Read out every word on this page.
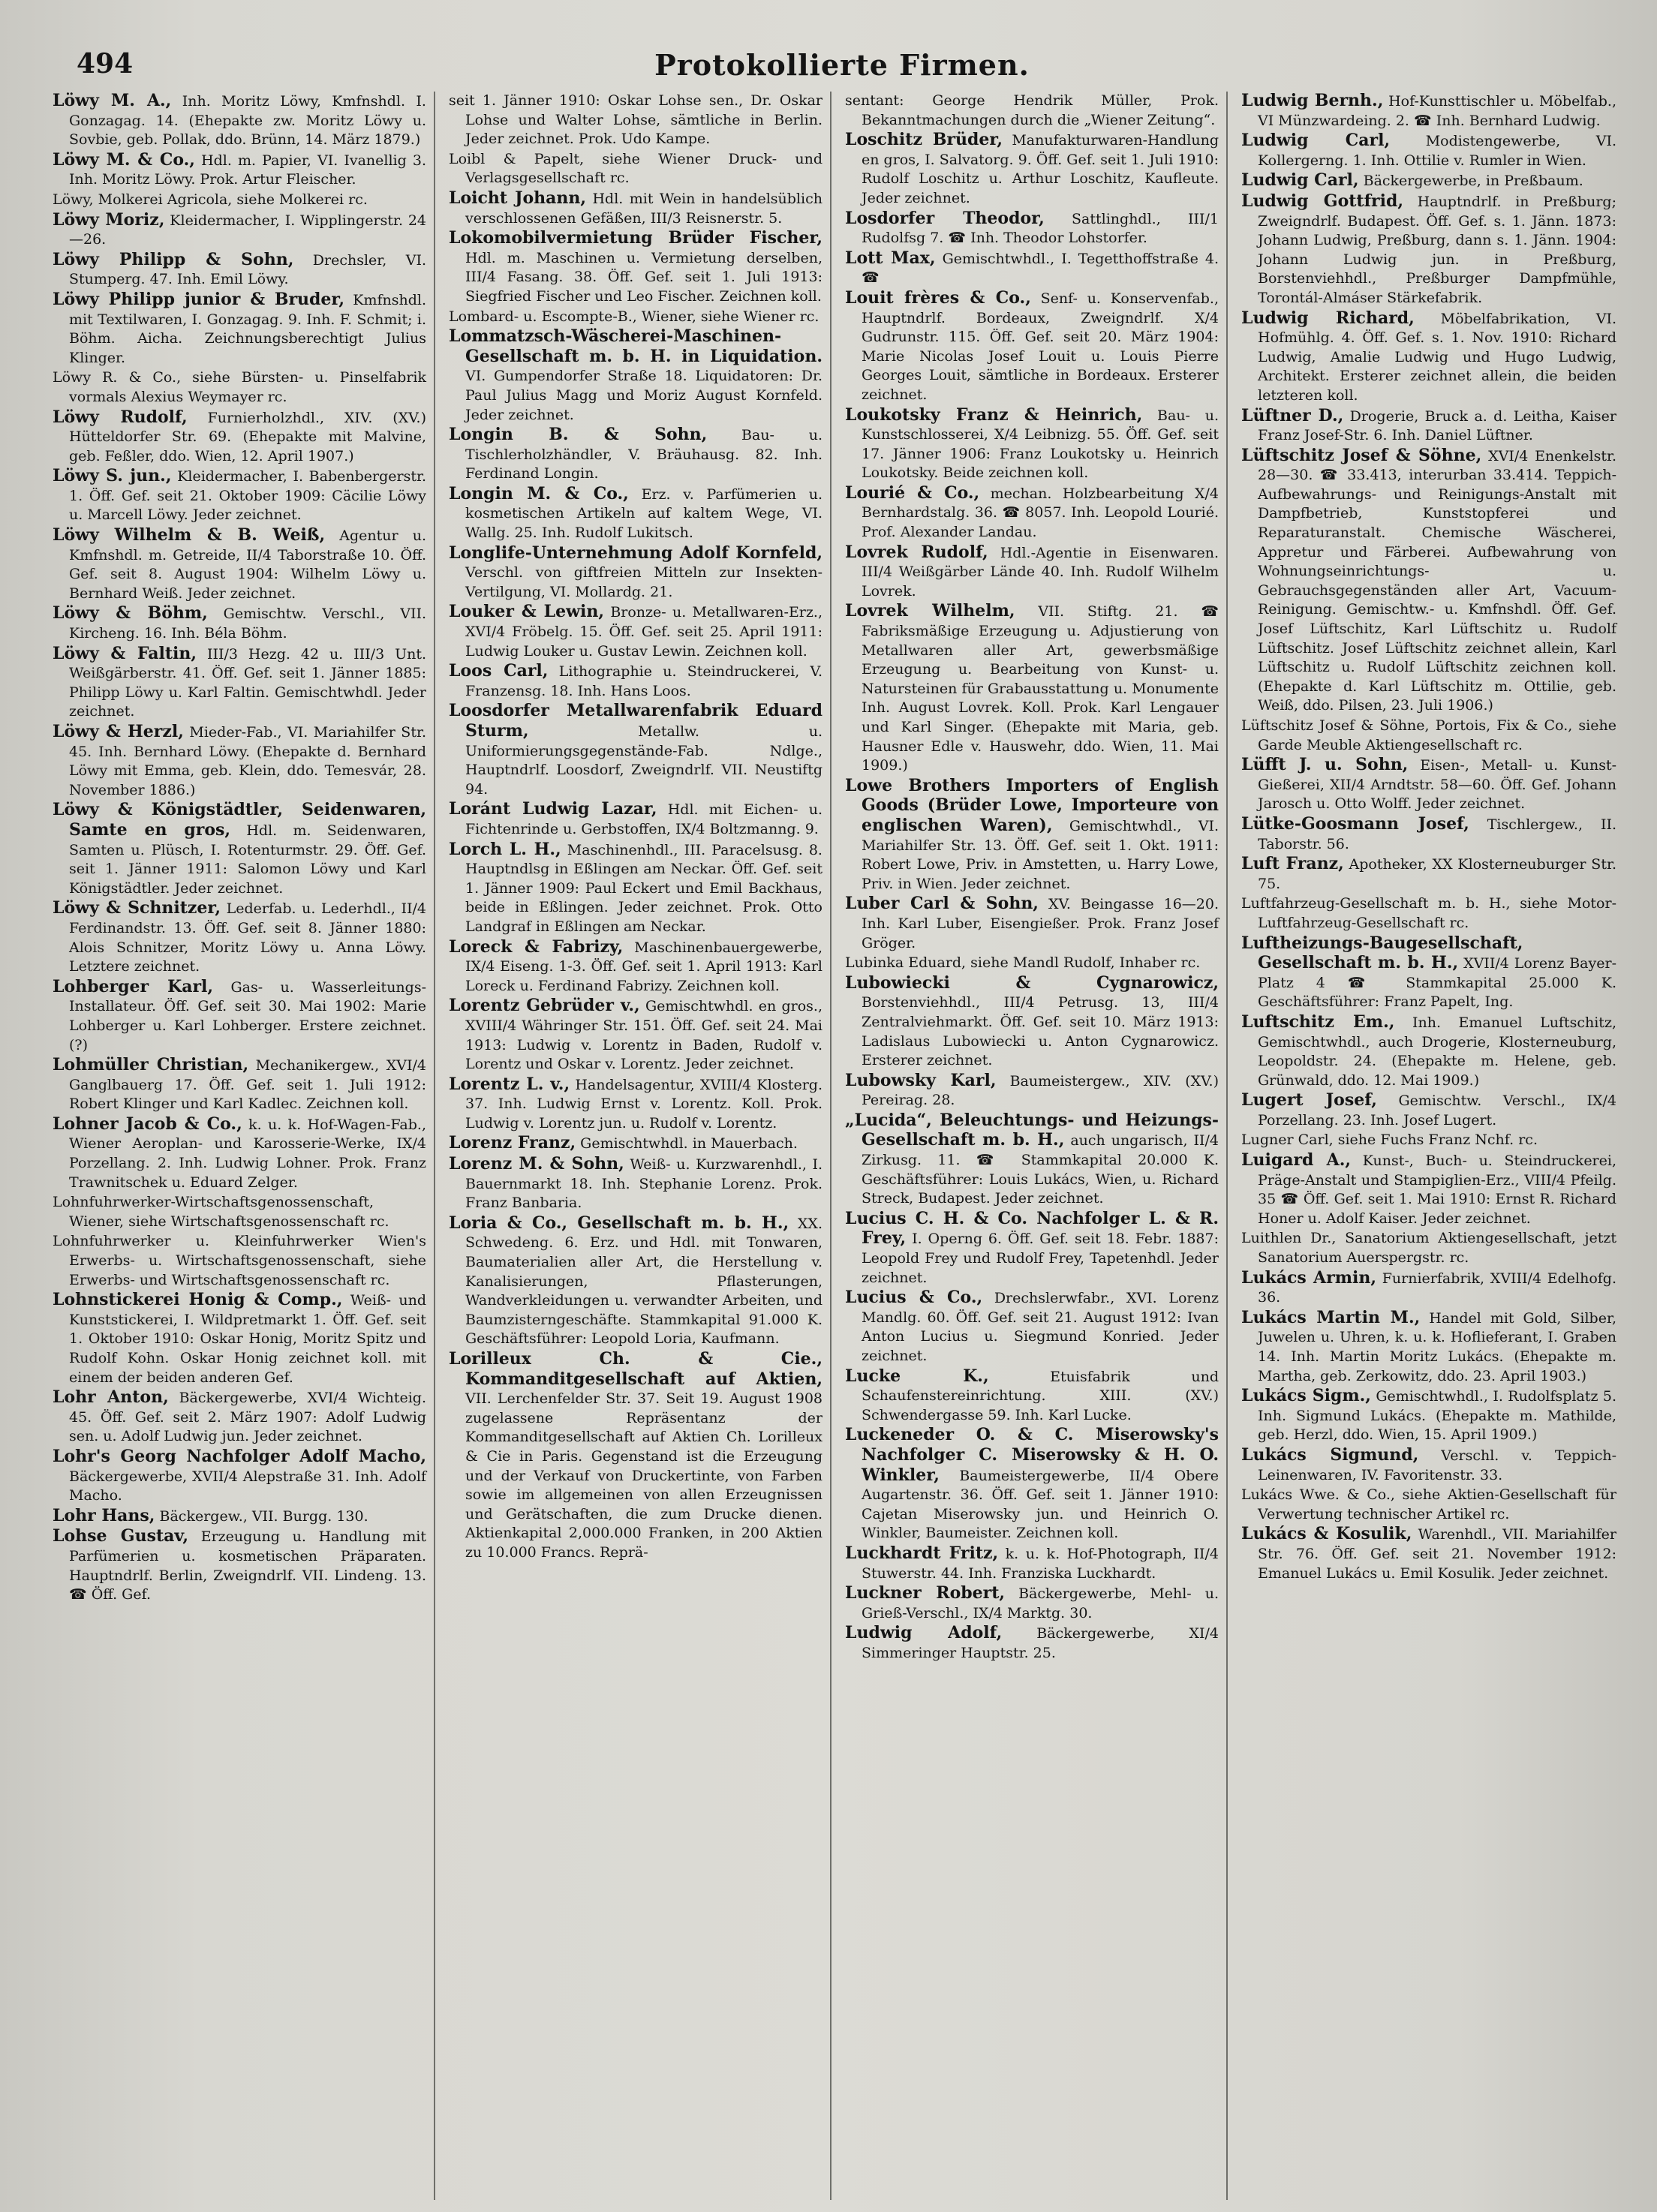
494	Protokollierte Firmen.

Löwy M. A., Inh. Moritz Löwy, Kmfnshdl. I. Gonzagag. 14. (Ehepakte zw. Moritz Löwy u. Sovbie, geb. Pollak, ddo. Brünn, 14. März 1879.)

Löwy M. & Co., Hdl. m. Papier, VI. Ivanellig 3. Inh. Moritz Löwy. Prok. Artur Fleischer.

Löwy, Molkerei Agricola, siehe Molkerei rc.

Löwy Moriz, Kleidermacher, I. Wipplingerstr. 24—26.

Löwy Philipp & Sohn, Drechsler, VI. Stumperg. 47. Inh. Emil Löwy.

Löwy Philipp junior & Bruder, Kmfnshdl. mit Textilwaren, I. Gonzagag. 9. Inh. F. Schmit; i. Böhm. Aicha. Zeichnungsberechtigt Julius Klinger.

Löwy R. & Co., siehe Bürsten- u. Pinselfabrik vormals Alexius Weymayer rc.

Löwy Rudolf, Furnierholzhdl., XIV. (XV.) Hütteldorfer Str. 69. (Ehepakte mit Malvine, geb. Feßler, ddo. Wien, 12. April 1907.)

Löwy S. jun., Kleidermacher, I. Babenbergerstr. 1. Öff. Gef. seit 21. Oktober 1909: Cäcilie Löwy u. Marcell Löwy. Jeder zeichnet.

Löwy Wilhelm & B. Weiß, Agentur u. Kmfnshdl. m. Getreide, II/4 Taborstraße 10. Öff. Gef. seit 8. August 1904: Wilhelm Löwy u. Bernhard Weiß. Jeder zeichnet.

Löwy & Böhm, Gemischtw. Verschl., VII. Kircheng. 16. Inh. Béla Böhm.

Löwy & Faltin, III/3 Hezg. 42 u. III/3 Unt. Weißgärberstr. 41. Öff. Gef. seit 1. Jänner 1885: Philipp Löwy u. Karl Faltin. Gemischtwhdl. Jeder zeichnet.

Löwy & Herzl, Mieder-Fab., VI. Mariahilfer Str. 45. Inh. Bernhard Löwy. (Ehepakte d. Bernhard Löwy mit Emma, geb. Klein, ddo. Temesvár, 28. November 1886.)

Löwy & Königstädtler, Seidenwaren, Samte en gros, Hdl. m. Seidenwaren, Samten u. Plüsch, I. Rotenturmstr. 29. Öff. Gef. seit 1. Jänner 1911: Salomon Löwy und Karl Königstädtler. Jeder zeichnet.

Löwy & Schnitzer, Lederfab. u. Lederhdl., II/4 Ferdinandstr. 13. Öff. Gef. seit 8. Jänner 1880: Alois Schnitzer, Moritz Löwy u. Anna Löwy. Letztere zeichnet.

Lohberger Karl, Gas- u. Wasserleitungs-Installateur. Öff. Gef. seit 30. Mai 1902: Marie Lohberger u. Karl Lohberger. Erstere zeichnet. (?)

Lohmüller Christian, Mechanikergew., XVI/4 Ganglbauerg 17. Öff. Gef. seit 1. Juli 1912: Robert Klinger und Karl Kadlec. Zeichnen koll.

Lohner Jacob & Co., k. u. k. Hof-Wagen-Fab., Wiener Aeroplan- und Karosserie-Werke, IX/4 Porzellang. 2. Inh. Ludwig Lohner. Prok. Franz Trawnitschek u. Eduard Zelger.

Lohnfuhrwerker-Wirtschaftsgenossenschaft, Wiener, siehe Wirtschaftsgenossenschaft rc.

Lohnfuhrwerker u. Kleinfuhrwerker Wien's Erwerbs- u. Wirtschaftsgenossenschaft, siehe Erwerbs- und Wirtschaftsgenossenschaft rc.

Lohnstickerei Honig & Comp., Weiß- und Kunststickerei, I. Wildpretmarkt 1. Öff. Gef. seit 1. Oktober 1910: Oskar Honig, Moritz Spitz und Rudolf Kohn. Oskar Honig zeichnet koll. mit einem der beiden anderen Gef.

Lohr Anton, Bäckergewerbe, XVI/4 Wichteig. 45. Öff. Gef. seit 2. März 1907: Adolf Ludwig sen. u. Adolf Ludwig jun. Jeder zeichnet.

Lohr's Georg Nachfolger Adolf Macho, Bäckergewerbe, XVII/4 Alepstraße 31. Inh. Adolf Macho.

Lohr Hans, Bäckergew., VII. Burgg. 130.

Lohse Gustav, Erzeugung u. Handlung mit Parfümerien u. kosmetischen Präparaten. Hauptndrlf. Berlin, Zweigndrlf. VII. Lindeng. 13. ☎ Öff. Gef.

seit 1. Jänner 1910: Oskar Lohse sen., Dr. Oskar Lohse und Walter Lohse, sämtliche in Berlin. Jeder zeichnet. Prok. Udo Kampe.

Loibl & Papelt, siehe Wiener Druck- und Verlagsgesellschaft rc.

Loicht Johann, Hdl. mit Wein in handelsüblich verschlossenen Gefäßen, III/3 Reisnerstr. 5.

Lokomobilvermietung Brüder Fischer, Hdl. m. Maschinen u. Vermietung derselben, III/4 Fasang. 38. Öff. Gef. seit 1. Juli 1913: Siegfried Fischer und Leo Fischer. Zeichnen koll.

Lombard- u. Escompte-B., Wiener, siehe Wiener rc.

Lommatzsch-Wäscherei-Maschinen-Gesellschaft m. b. H. in Liquidation. VI. Gumpendorfer Straße 18. Liquidatoren: Dr. Paul Julius Magg und Moriz August Kornfeld. Jeder zeichnet.

Longin B. & Sohn, Bau- u. Tischlerholzhändler, V. Bräuhausg. 82. Inh. Ferdinand Longin.

Longin M. & Co., Erz. v. Parfümerien u. kosmetischen Artikeln auf kaltem Wege, VI. Wallg. 25. Inh. Rudolf Lukitsch.

Longlife-Unternehmung Adolf Kornfeld, Verschl. von giftfreien Mitteln zur Insekten-Vertilgung, VI. Mollardg. 21.

Louker & Lewin, Bronze- u. Metallwaren-Erz., XVI/4 Fröbelg. 15. Öff. Gef. seit 25. April 1911: Ludwig Louker u. Gustav Lewin. Zeichnen koll.

Loos Carl, Lithographie u. Steindruckerei, V. Franzensg. 18. Inh. Hans Loos.

Loosdorfer Metallwarenfabrik Eduard Sturm,	Metallw. u. Uniformierungsgegenstände-Fab. Ndlge., Hauptndrlf. Loosdorf, Zweigndrlf. VII. Neustiftg 94.

Loránt Ludwig Lazar, Hdl. mit Eichen- u. Fichtenrinde u. Gerbstoffen, IX/4 Boltzmanng. 9.

Lorch L. H., Maschinenhdl., III. Paracelsusg. 8. Hauptndlsg in Eßlingen am Neckar. Öff. Gef. seit 1. Jänner 1909: Paul Eckert und Emil Backhaus, beide in Eßlingen. Jeder zeichnet. Prok. Otto Landgraf in Eßlingen am Neckar.

Loreck & Fabrizy, Maschinenbauergewerbe, IX/4 Eiseng. 1-3. Öff. Gef. seit 1. April 1913: Karl Loreck u. Ferdinand Fabrizy. Zeichnen koll.

Lorentz Gebrüder v., Gemischtwhdl. en gros., XVIII/4 Währinger Str. 151. Öff. Gef. seit 24. Mai 1913: Ludwig v. Lorentz in Baden, Rudolf v. Lorentz und Oskar v. Lorentz. Jeder zeichnet.

Lorentz L. v., Handelsagentur, XVIII/4 Klosterg. 37. Inh. Ludwig Ernst v. Lorentz. Koll. Prok. Ludwig v. Lorentz jun. u. Rudolf v. Lorentz.

Lorenz Franz, Gemischtwhdl. in Mauerbach.

Lorenz M. & Sohn, Weiß- u. Kurzwarenhdl., I. Bauernmarkt 18. Inh. Stephanie Lorenz. Prok. Franz Banbaria.

Loria & Co., Gesellschaft m. b. H., XX. Schwedeng. 6. Erz. und Hdl. mit Tonwaren, Baumaterialien aller Art, die Herstellung v. Kanalisierungen, Pflasterungen, Wandverkleidungen u. verwandter Arbeiten, und Baumzisterngeschäfte. Stammkapital 91.000 K. Geschäftsführer: Leopold Loria, Kaufmann.

Lorilleux Ch. & Cie., Kommanditgesellschaft auf Aktien, VII. Lerchenfelder Str. 37. Seit 19. August 1908 zugelassene Repräsentanz der Kommanditgesellschaft auf Aktien Ch. Lorilleux & Cie in Paris. Gegenstand ist die Erzeugung und der Verkauf von Druckertinte, von Farben sowie im allgemeinen von allen Erzeugnissen und Gerätschaften, die zum Drucke dienen. Aktienkapital 2,000.000 Franken, in 200 Aktien zu 10.000 Francs. Reprä-

sentant: George Hendrik Müller, Prok. Bekanntmachungen durch die „Wiener Zeitung“.

Loschitz Brüder, Manufakturwaren-Handlung en gros, I. Salvatorg. 9. Öff. Gef. seit 1. Juli 1910: Rudolf Loschitz u. Arthur Loschitz, Kaufleute. Jeder zeichnet.

Losdorfer Theodor, Sattlinghdl., III/1 Rudolfsg 7. ☎ Inh. Theodor Lohstorfer.

Lott Max, Gemischtwhdl., I. Tegetthoffstraße 4. ☎

Louit frères & Co., Senf- u. Konservenfab., Hauptndrlf. Bordeaux, Zweigndrlf. X/4 Gudrunstr. 115. Öff. Gef. seit 20. März 1904: Marie Nicolas Josef Louit u. Louis Pierre Georges Louit, sämtliche in Bordeaux. Ersterer zeichnet.

Loukotsky Franz & Heinrich, Bau- u. Kunstschlosserei, X/4 Leibnizg. 55. Öff. Gef. seit 17. Jänner 1906: Franz Loukotsky u. Heinrich Loukotsky. Beide zeichnen koll.

Lourié & Co., mechan. Holzbearbeitung X/4 Bernhardstalg. 36. ☎ 8057. Inh. Leopold Lourié. Prof. Alexander Landau.

Lovrek Rudolf, Hdl.-Agentie in Eisenwaren. III/4 Weißgärber Lände 40. Inh. Rudolf Wilhelm Lovrek.

Lovrek Wilhelm, VII. Stiftg. 21. ☎ Fabriksmäßige Erzeugung u. Adjustierung von Metallwaren aller Art, gewerbsmäßige Erzeugung u. Bearbeitung von Kunst- u. Natursteinen für Grabausstattung u. Monumente Inh. August Lovrek. Koll. Prok. Karl Lengauer und Karl Singer. (Ehepakte mit Maria, geb. Hausner Edle v. Hauswehr, ddo. Wien, 11. Mai 1909.)

Lowe Brothers Importers of English Goods (Brüder Lowe, Importeure von englischen Waren), Gemischtwhdl., VI. Mariahilfer Str. 13. Öff. Gef. seit 1. Okt. 1911: Robert Lowe, Priv. in Amstetten, u. Harry Lowe, Priv. in Wien. Jeder zeichnet.

Luber Carl & Sohn, XV. Beingasse 16—20. Inh. Karl Luber, Eisengießer. Prok. Franz Josef Gröger.

Lubinka Eduard, siehe Mandl Rudolf, Inhaber rc.

Lubowiecki & Cygnarowicz, Borstenviehhdl., III/4 Petrusg. 13, III/4 Zentralviehmarkt. Öff. Gef. seit 10. März 1913: Ladislaus Lubowiecki u. Anton Cygnarowicz. Ersterer zeichnet.

Lubowsky Karl, Baumeistergew., XIV. (XV.) Pereirag. 28.

„Lucida“, Beleuchtungs- und Heizungs-Gesellschaft m. b. H., auch ungarisch, II/4 Zirkusg. 11. ☎ Stammkapital 20.000 K. Geschäftsführer: Louis Lukács, Wien, u. Richard Streck, Budapest. Jeder zeichnet.

Lucius C. H. & Co. Nachfolger L. & R. Frey, I. Operng 6. Öff. Gef. seit 18. Febr. 1887: Leopold Frey und Rudolf Frey, Tapetenhdl. Jeder zeichnet.

Lucius & Co., Drechslerwfabr., XVI. Lorenz Mandlg. 60. Öff. Gef. seit 21. August 1912: Ivan Anton Lucius u. Siegmund Konried. Jeder zeichnet.

Lucke K.,	Etuisfabrik und Schaufenstereinrichtung. XIII. (XV.) Schwendergasse 59. Inh. Karl Lucke.

Luckeneder O. & C. Miserowsky's Nachfolger C. Miserowsky & H. O. Winkler, Baumeistergewerbe, II/4 Obere Augartenstr. 36. Öff. Gef. seit 1. Jänner 1910: Cajetan Miserowsky jun. und Heinrich O. Winkler, Baumeister. Zeichnen koll.

Luckhardt Fritz, k. u. k. Hof-Photograph, II/4 Stuwerstr. 44. Inh. Franziska Luckhardt.

Luckner Robert, Bäckergewerbe, Mehl- u. Grieß-Verschl., IX/4 Marktg. 30.

Ludwig Adolf, Bäckergewerbe, XI/4 Simmeringer Hauptstr. 25.

Ludwig Bernh., Hof-Kunsttischler u. Möbelfab., VI Münzwardeing. 2. ☎ Inh. Bernhard Ludwig.

Ludwig Carl,	Modistengewerbe, VI. Kollergerng. 1. Inh. Ottilie v. Rumler in Wien.

Ludwig Carl, Bäckergewerbe, in Preßbaum.

Ludwig Gottfrid, Hauptndrlf. in Preßburg; Zweigndrlf. Budapest. Öff. Gef. s. 1. Jänn. 1873: Johann Ludwig, Preßburg, dann s. 1. Jänn. 1904: Johann Ludwig jun. in Preßburg, Borstenviehhdl., Preßburger Dampfmühle, Torontál-Almáser Stärkefabrik.

Ludwig Richard, Möbelfabrikation, VI. Hofmühlg. 4. Öff. Gef. s. 1. Nov. 1910: Richard Ludwig, Amalie Ludwig und Hugo Ludwig, Architekt. Ersterer zeichnet allein, die beiden letzteren koll.

Lüftner D., Drogerie, Bruck a. d. Leitha, Kaiser Franz Josef-Str. 6. Inh. Daniel Lüftner.

Lüftschitz Josef & Söhne, XVI/4 Enenkelstr. 28—30. ☎ 33.413, interurban 33.414. Teppich-Aufbewahrungs- und Reinigungs-Anstalt mit Dampfbetrieb, Kunststopferei und Reparaturanstalt. Chemische Wäscherei, Appretur und Färberei. Aufbewahrung von Wohnungseinrichtungs- u. Gebrauchsgegenständen aller Art, Vacuum-Reinigung. Gemischtw.- u. Kmfnshdl. Öff. Gef. Josef Lüftschitz, Karl Lüftschitz u. Rudolf Lüftschitz. Josef Lüftschitz zeichnet allein, Karl Lüftschitz u. Rudolf Lüftschitz zeichnen koll. (Ehepakte d. Karl Lüftschitz m. Ottilie, geb. Weiß, ddo. Pilsen, 23. Juli 1906.)

Lüftschitz Josef & Söhne, Portois, Fix & Co., siehe Garde Meuble Aktiengesellschaft rc.

Lüfft J. u. Sohn, Eisen-, Metall- u. Kunst-Gießerei, XII/4 Arndtstr. 58—60. Öff. Gef. Johann Jarosch u. Otto Wolff. Jeder zeichnet.

Lütke-Goosmann Josef, Tischlergew., II. Taborstr. 56.

Luft Franz, Apotheker, XX Klosterneuburger Str. 75.

Luftfahrzeug-Gesellschaft m. b. H., siehe Motor-Luftfahrzeug-Gesellschaft rc.

Luftheizungs-Baugesellschaft, Gesellschaft m. b. H., XVII/4 Lorenz Bayer-Platz 4 ☎ Stammkapital 25.000 K. Geschäftsführer: Franz Papelt, Ing.

Luftschitz Em., Inh. Emanuel Luftschitz, Gemischtwhdl., auch Drogerie, Klosterneuburg, Leopoldstr. 24. (Ehepakte m. Helene, geb. Grünwald, ddo. 12. Mai 1909.)

Lugert Josef, Gemischtw. Verschl., IX/4 Porzellang. 23. Inh. Josef Lugert.

Lugner Carl, siehe Fuchs Franz Nchf. rc.

Luigard A., Kunst-, Buch- u. Steindruckerei, Präge-Anstalt und Stampiglien-Erz., VIII/4 Pfeilg. 35 ☎ Öff. Gef. seit 1. Mai 1910: Ernst R. Richard Honer u. Adolf Kaiser. Jeder zeichnet.

Luithlen Dr., Sanatorium Aktiengesellschaft, jetzt Sanatorium Auerspergstr. rc.

Lukács Armin, Furnierfabrik, XVIII/4 Edelhofg. 36.

Lukács Martin M., Handel mit Gold, Silber, Juwelen u. Uhren, k. u. k. Hoflieferant, I. Graben 14. Inh. Martin Moritz Lukács. (Ehepakte m. Martha, geb. Zerkowitz, ddo. 23. April 1903.)

Lukács Sigm., Gemischtwhdl., I. Rudolfsplatz 5. Inh. Sigmund Lukács. (Ehepakte m. Mathilde, geb. Herzl, ddo. Wien, 15. April 1909.)

Lukács Sigmund, Verschl. v. Teppich-Leinenwaren, IV. Favoritenstr. 33.

Lukács Wwe. & Co., siehe Aktien-Gesellschaft für Verwertung technischer Artikel rc.

Lukács & Kosulik, Warenhdl., VII. Mariahilfer Str. 76. Öff. Gef. seit 21. November 1912: Emanuel Lukács u. Emil Kosulik. Jeder zeichnet.
